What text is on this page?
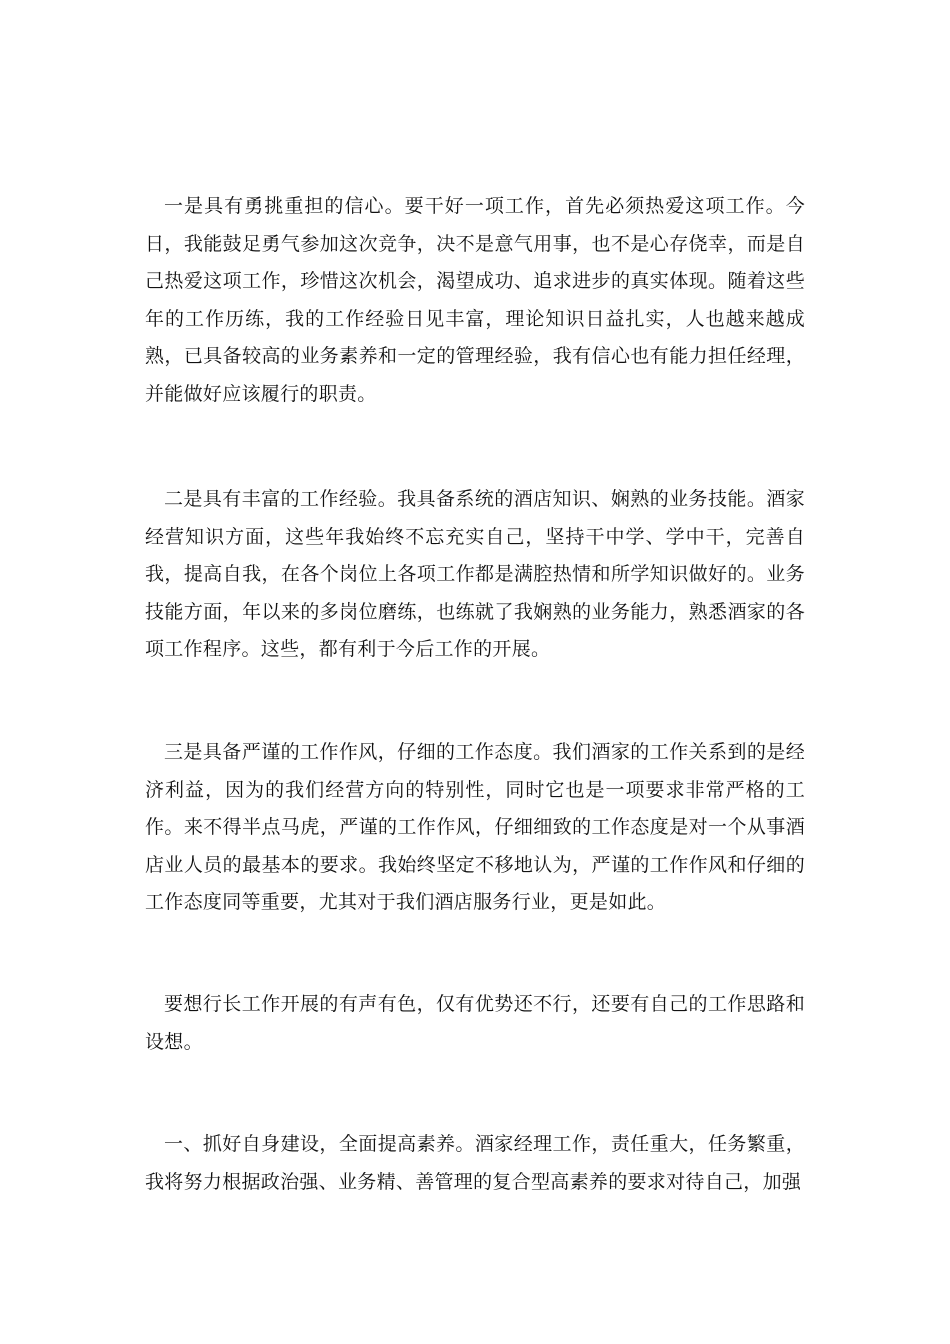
一是具有勇挑重担的信心。要干好一项工作，首先必须热爱这项工作。今日，我能鼓足勇气参加这次竞争，决不是意气用事，也不是心存侥幸，而是自己热爱这项工作，珍惜这次机会，渴望成功、追求进步的真实体现。随着这些年的工作历练，我的工作经验日见丰富，理论知识日益扎实，人也越来越成熟，已具备较高的业务素养和一定的管理经验，我有信心也有能力担任经理，并能做好应该履行的职责。

二是具有丰富的工作经验。我具备系统的酒店知识、娴熟的业务技能。酒家经营知识方面，这些年我始终不忘充实自己，坚持干中学、学中干，完善自我，提高自我，在各个岗位上各项工作都是满腔热情和所学知识做好的。业务技能方面，年以来的多岗位磨练，也练就了我娴熟的业务能力，熟悉酒家的各项工作程序。这些，都有利于今后工作的开展。

三是具备严谨的工作作风，仔细的工作态度。我们酒家的工作关系到的是经济利益，因为的我们经营方向的特别性，同时它也是一项要求非常严格的工作。来不得半点马虎，严谨的工作作风，仔细细致的工作态度是对一个从事酒店业人员的最基本的要求。我始终坚定不移地认为，严谨的工作作风和仔细的工作态度同等重要，尤其对于我们酒店服务行业，更是如此。

要想行长工作开展的有声有色，仅有优势还不行，还要有自己的工作思路和设想。

一、抓好自身建设，全面提高素养。酒家经理工作，责任重大，任务繁重，我将努力根据政治强、业务精、善管理的复合型高素养的要求对待自己，加强
